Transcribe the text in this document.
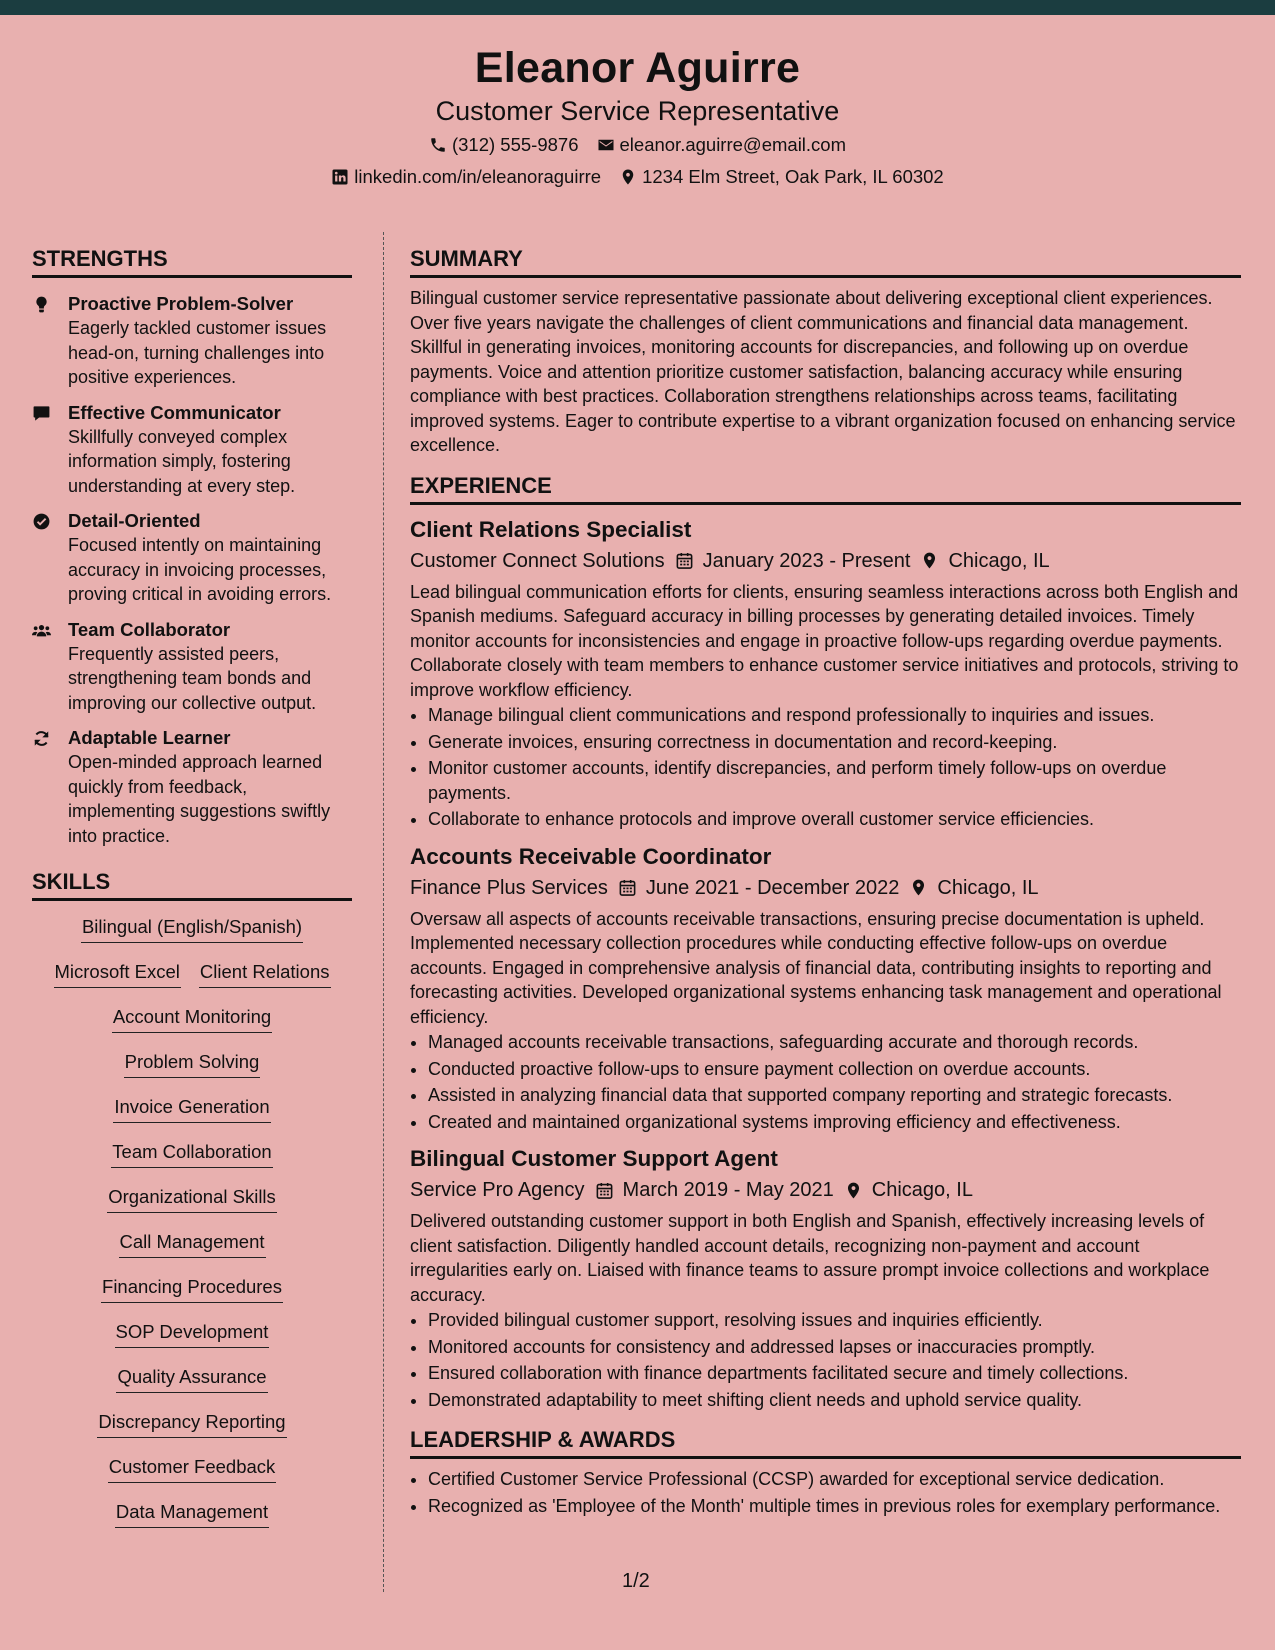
Eleanor Aguirre
Customer Service Representative
(312) 555-9876 eleanor.aguirre@email.com
linkedin.com/in/eleanoraguirre 1234 Elm Street, Oak Park, IL 60302
STRENGTHS
Proactive Problem-Solver
Eagerly tackled customer issues head-on, turning challenges into positive experiences.
Effective Communicator
Skillfully conveyed complex information simply, fostering understanding at every step.
Detail-Oriented
Focused intently on maintaining accuracy in invoicing processes, proving critical in avoiding errors.
Team Collaborator
Frequently assisted peers, strengthening team bonds and improving our collective output.
Adaptable Learner
Open-minded approach learned quickly from feedback, implementing suggestions swiftly into practice.
SKILLS
Bilingual (English/Spanish)
Microsoft Excel Client Relations
Account Monitoring
Problem Solving
Invoice Generation
Team Collaboration
Organizational Skills
Call Management
Financing Procedures
SOP Development
Quality Assurance
Discrepancy Reporting
Customer Feedback
Data Management
SUMMARY
Bilingual customer service representative passionate about delivering exceptional client experiences. Over five years navigate the challenges of client communications and financial data management. Skillful in generating invoices, monitoring accounts for discrepancies, and following up on overdue payments. Voice and attention prioritize customer satisfaction, balancing accuracy while ensuring compliance with best practices. Collaboration strengthens relationships across teams, facilitating improved systems. Eager to contribute expertise to a vibrant organization focused on enhancing service excellence.
EXPERIENCE
Client Relations Specialist
Customer Connect Solutions January 2023 - Present Chicago, IL
Lead bilingual communication efforts for clients, ensuring seamless interactions across both English and Spanish mediums. Safeguard accuracy in billing processes by generating detailed invoices. Timely monitor accounts for inconsistencies and engage in proactive follow-ups regarding overdue payments. Collaborate closely with team members to enhance customer service initiatives and protocols, striving to improve workflow efficiency.
• Manage bilingual client communications and respond professionally to inquiries and issues.
• Generate invoices, ensuring correctness in documentation and record-keeping.
• Monitor customer accounts, identify discrepancies, and perform timely follow-ups on overdue payments.
• Collaborate to enhance protocols and improve overall customer service efficiencies.
Accounts Receivable Coordinator
Finance Plus Services June 2021 - December 2022 Chicago, IL
Oversaw all aspects of accounts receivable transactions, ensuring precise documentation is upheld. Implemented necessary collection procedures while conducting effective follow-ups on overdue accounts. Engaged in comprehensive analysis of financial data, contributing insights to reporting and forecasting activities. Developed organizational systems enhancing task management and operational efficiency.
• Managed accounts receivable transactions, safeguarding accurate and thorough records.
• Conducted proactive follow-ups to ensure payment collection on overdue accounts.
• Assisted in analyzing financial data that supported company reporting and strategic forecasts.
• Created and maintained organizational systems improving efficiency and effectiveness.
Bilingual Customer Support Agent
Service Pro Agency March 2019 - May 2021 Chicago, IL
Delivered outstanding customer support in both English and Spanish, effectively increasing levels of client satisfaction. Diligently handled account details, recognizing non-payment and account irregularities early on. Liaised with finance teams to assure prompt invoice collections and workplace accuracy.
• Provided bilingual customer support, resolving issues and inquiries efficiently.
• Monitored accounts for consistency and addressed lapses or inaccuracies promptly.
• Ensured collaboration with finance departments facilitated secure and timely collections.
• Demonstrated adaptability to meet shifting client needs and uphold service quality.
LEADERSHIP & AWARDS
• Certified Customer Service Professional (CCSP) awarded for exceptional service dedication.
• Recognized as 'Employee of the Month' multiple times in previous roles for exemplary performance.
1/2
